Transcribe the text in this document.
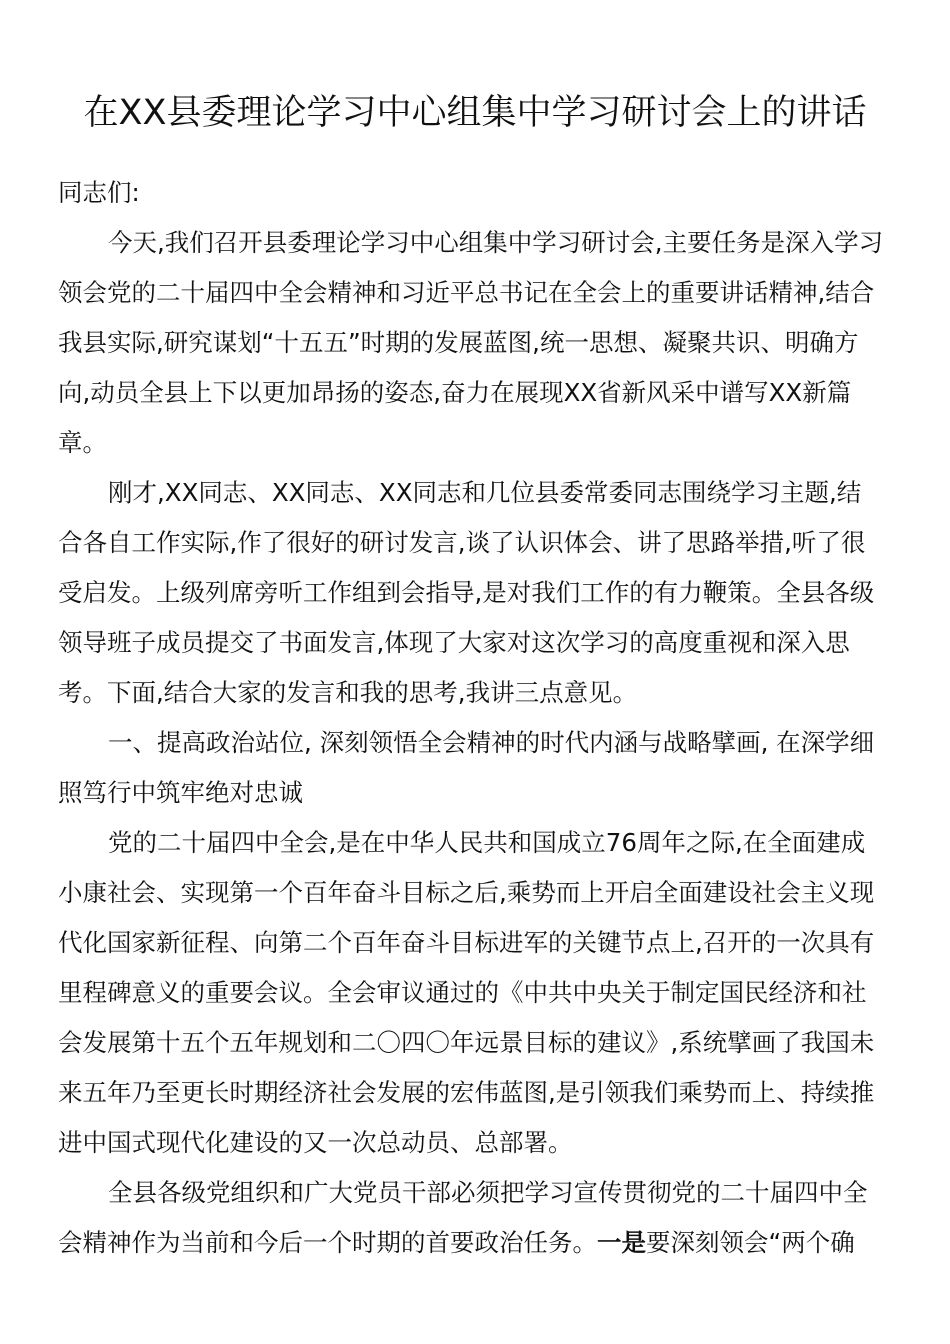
在XX县委理论学习中心组集中学习研讨会上的讲话
同志们:
今天,我们召开县委理论学习中心组集中学习研讨会,主要任务是深入学习
领会党的二十届四中全会精神和习近平总书记在全会上的重要讲话精神,结合
我县实际,研究谋划“十五五”时期的发展蓝图,统一思想、凝聚共识、明确方
向,动员全县上下以更加昂扬的姿态,奋力在展现XX省新风采中谱写XX新篇
章。
刚才,XX同志、XX同志、XX同志和几位县委常委同志围绕学习主题,结
合各自工作实际,作了很好的研讨发言,谈了认识体会、讲了思路举措,听了很
受启发。上级列席旁听工作组到会指导,是对我们工作的有力鞭策。全县各级
领导班子成员提交了书面发言,体现了大家对这次学习的高度重视和深入思
考。下面,结合大家的发言和我的思考,我讲三点意见。
一、提高政治站位, 深刻领悟全会精神的时代内涵与战略擘画, 在深学细
照笃行中筑牢绝对忠诚
党的二十届四中全会,是在中华人民共和国成立76周年之际,在全面建成
小康社会、实现第一个百年奋斗目标之后,乘势而上开启全面建设社会主义现
代化国家新征程、向第二个百年奋斗目标进军的关键节点上,召开的一次具有
里程碑意义的重要会议。全会审议通过的《中共中央关于制定国民经济和社
会发展第十五个五年规划和二〇四〇年远景目标的建议》,系统擘画了我国未
来五年乃至更长时期经济社会发展的宏伟蓝图,是引领我们乘势而上、持续推
进中国式现代化建设的又一次总动员、总部署。
全县各级党组织和广大党员干部必须把学习宣传贯彻党的二十届四中全
会精神作为当前和今后一个时期的首要政治任务。一是要深刻领会“两个确
